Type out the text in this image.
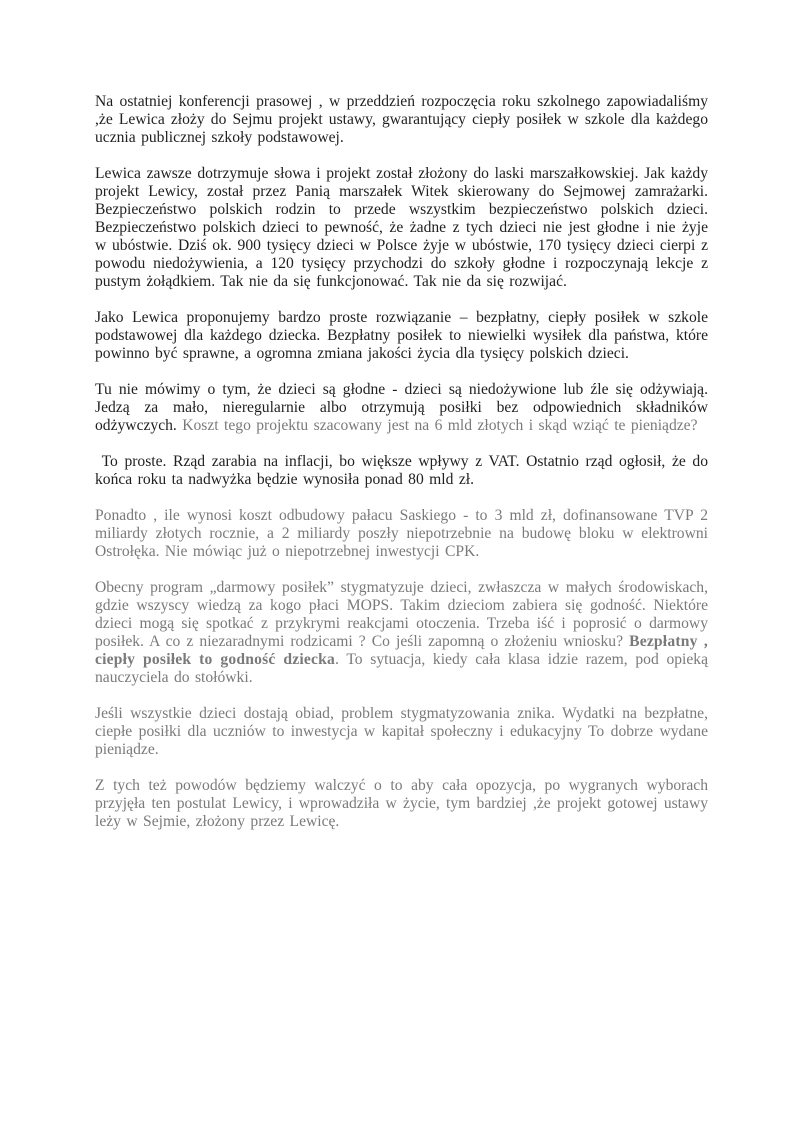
Na ostatniej konferencji prasowej , w przeddzień rozpoczęcia roku szkolnego zapowiadaliśmy ,że Lewica złoży do Sejmu projekt ustawy, gwarantujący ciepły posiłek w szkole dla każdego ucznia publicznej szkoły podstawowej.

Lewica zawsze dotrzymuje słowa i projekt został złożony do laski marszałkowskiej. Jak każdy projekt Lewicy, został przez Panią marszałek Witek skierowany do Sejmowej zamrażarki. Bezpieczeństwo polskich rodzin to przede wszystkim bezpieczeństwo polskich dzieci. Bezpieczeństwo polskich dzieci to pewność, że żadne z tych dzieci nie jest głodne i nie żyje w ubóstwie. Dziś ok. 900 tysięcy dzieci w Polsce żyje w ubóstwie, 170 tysięcy dzieci cierpi z powodu niedożywienia, a 120 tysięcy przychodzi do szkoły głodne i rozpoczynają lekcje z pustym żołądkiem. Tak nie da się funkcjonować. Tak nie da się rozwijać.

Jako Lewica proponujemy bardzo proste rozwiązanie – bezpłatny, ciepły posiłek w szkole podstawowej dla każdego dziecka. Bezpłatny posiłek to niewielki wysiłek dla państwa, które powinno być sprawne, a ogromna zmiana jakości życia dla tysięcy polskich dzieci.

Tu nie mówimy o tym, że dzieci są głodne - dzieci są niedożywione lub źle się odżywiają. Jedzą za mało, nieregularnie albo otrzymują posiłki bez odpowiednich składników odżywczych. Koszt tego projektu szacowany jest na 6 mld złotych i skąd wziąć te pieniądze?

To proste. Rząd zarabia na inflacji, bo większe wpływy z VAT. Ostatnio rząd ogłosił, że do końca roku ta nadwyżka będzie wynosiła ponad 80 mld zł.

Ponadto , ile wynosi koszt odbudowy pałacu Saskiego - to 3 mld zł, dofinansowane TVP 2 miliardy złotych rocznie, a 2 miliardy poszły niepotrzebnie na budowę bloku w elektrowni Ostrołęka. Nie mówiąc już o niepotrzebnej inwestycji CPK.

Obecny program „darmowy posiłek” stygmatyzuje dzieci, zwłaszcza w małych środowiskach, gdzie wszyscy wiedzą za kogo płaci MOPS. Takim dzieciom zabiera się godność. Niektóre dzieci mogą się spotkać z przykrymi reakcjami otoczenia. Trzeba iść i poprosić o darmowy posiłek. A co z niezaradnymi rodzicami ? Co jeśli zapomną o złożeniu wniosku? Bezpłatny , ciepły posiłek to godność dziecka. To sytuacja, kiedy cała klasa idzie razem, pod opieką nauczyciela do stołówki.

Jeśli wszystkie dzieci dostają obiad, problem stygmatyzowania znika. Wydatki na bezpłatne, ciepłe posiłki dla uczniów to inwestycja w kapitał społeczny i edukacyjny To dobrze wydane pieniądze.

Z tych też powodów będziemy walczyć o to aby cała opozycja, po wygranych wyborach przyjęła ten postulat Lewicy, i wprowadziła w życie, tym bardziej ,że projekt gotowej ustawy leży w Sejmie, złożony przez Lewicę.
